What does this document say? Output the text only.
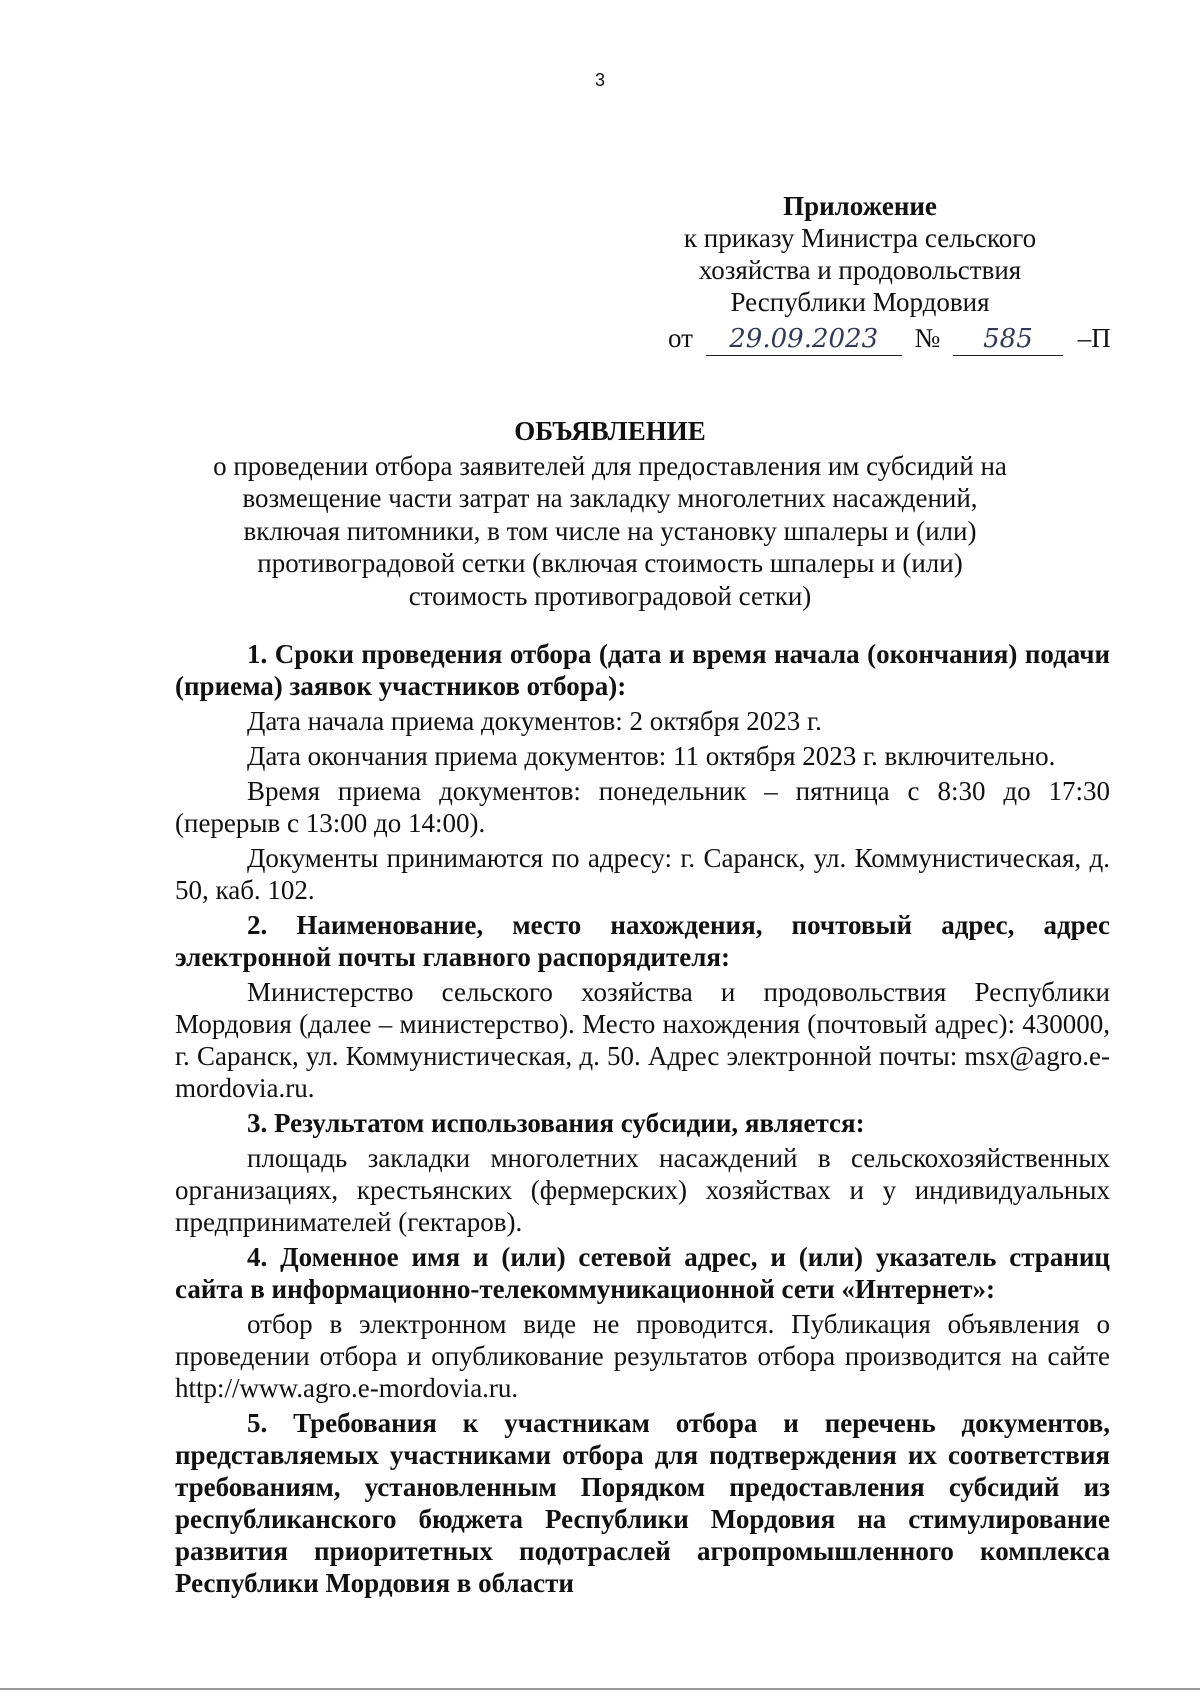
3
Приложение
к приказу Министра сельского
хозяйства и продовольствия
Республики Мордовия
от 29.09.2023 № 585 –П
ОБЪЯВЛЕНИЕ
о проведении отбора заявителей для предоставления им субсидий на возмещение части затрат на закладку многолетних насаждений, включая питомники, в том числе на установку шпалеры и (или) противоградовой сетки (включая стоимость шпалеры и (или) стоимость противоградовой сетки)

1. Сроки проведения отбора (дата и время начала (окончания) подачи (приема) заявок участников отбора):

Дата начала приема документов: 2 октября 2023 г.

Дата окончания приема документов: 11 октября 2023 г. включительно.

Время приема документов: понедельник – пятница с 8:30 до 17:30 (перерыв с 13:00 до 14:00).

Документы принимаются по адресу: г. Саранск, ул. Коммунистическая, д. 50, каб. 102.

2. Наименование, место нахождения, почтовый адрес, адрес электронной почты главного распорядителя:

Министерство сельского хозяйства и продовольствия Республики Мордовия (далее – министерство). Место нахождения (почтовый адрес): 430000, г. Саранск, ул. Коммунистическая, д. 50. Адрес электронной почты: msx@agro.e-mordovia.ru.

3. Результатом использования субсидии, является:

площадь закладки многолетних насаждений в сельскохозяйственных организациях, крестьянских (фермерских) хозяйствах и у индивидуальных предпринимателей (гектаров).

4. Доменное имя и (или) сетевой адрес, и (или) указатель страниц сайта в информационно-телекоммуникационной сети «Интернет»:

отбор в электронном виде не проводится. Публикация объявления о проведении отбора и опубликование результатов отбора производится на сайте http://www.agro.e-mordovia.ru.

5. Требования к участникам отбора и перечень документов, представляемых участниками отбора для подтверждения их соответствия требованиям, установленным Порядком предоставления субсидий из республиканского бюджета Республики Мордовия на стимулирование развития приоритетных подотраслей агропромышленного комплекса Республики Мордовия в области
